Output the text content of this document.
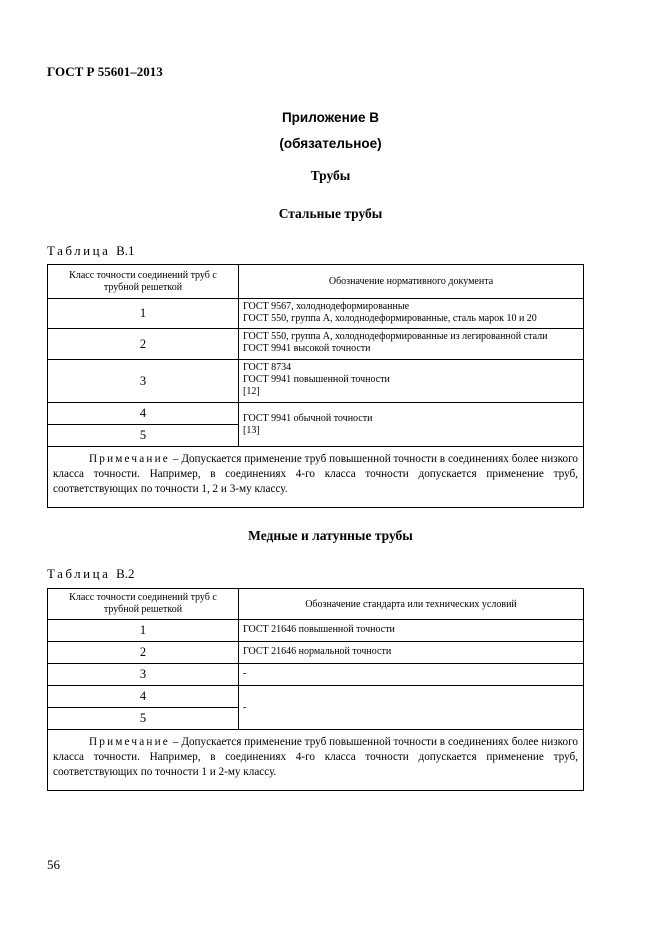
ГОСТ Р 55601–2013
Приложение В
(обязательное)
Трубы
Стальные трубы
Таблица В.1
Класс точности соединений труб с трубной решеткой	Обозначение нормативного документа
1	ГОСТ 9567, холоднодеформированные
ГОСТ 550, группа А, холоднодеформированные, сталь марок 10 и 20

2	ГОСТ 550, группа А, холоднодеформированные из легированной стали
ГОСТ 9941 высокой точности

3	ГОСТ 8734
ГОСТ 9941 повышенной точности
[12]

4	ГОСТ 9941 обычной точности
[13]

5	
Примечание – Допускается применение труб повышенной точности в соединениях более низкого класса точности. Например, в соединениях 4-го класса точности допускается применение труб, соответствующих по точности 1, 2 и 3-му классу.	
Медные и латунные трубы
Таблица В.2
Класс точности соединений труб с трубной решеткой	Обозначение стандарта или технических условий
1	ГОСТ 21646 повышенной точности

2	ГОСТ 21646 нормальной точности

3	-

4	-

5	
Примечание – Допускается применение труб повышенной точности в соединениях более низкого класса точности. Например, в соединениях 4-го класса точности допускается применение труб, соответствующих по точности 1 и 2-му классу.	
56
